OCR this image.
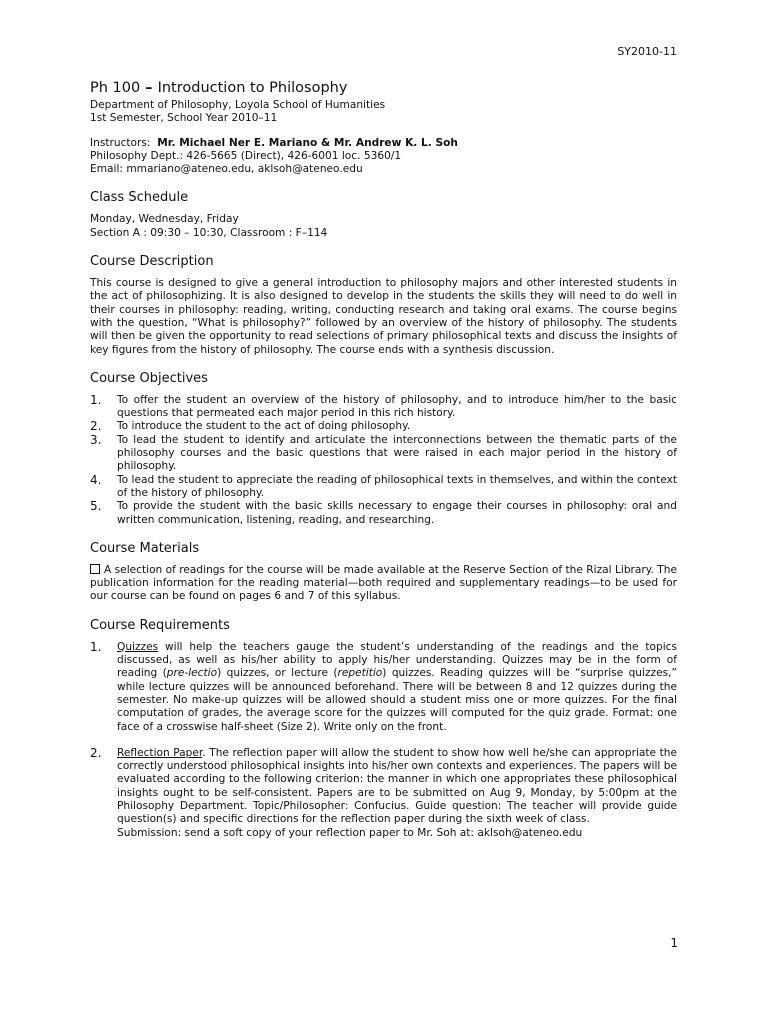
SY2010-11
Ph 100 – Introduction to Philosophy

Department of Philosophy, Loyola School of Humanities

1st Semester, School Year 2010–11

Instructors: Mr. Michael Ner E. Mariano & Mr. Andrew K. L. Soh

Philosophy Dept.: 426-5665 (Direct), 426-6001 loc. 5360/1

Email: mmariano@ateneo.edu, aklsoh@ateneo.edu

Class Schedule

Monday, Wednesday, Friday

Section A : 09:30 – 10:30, Classroom : F–114

Course Description

This course is designed to give a general introduction to philosophy majors and other interested students in the act of philosophizing. It is also designed to develop in the students the skills they will need to do well in their courses in philosophy: reading, writing, conducting research and taking oral exams. The course begins with the question, “What is philosophy?” followed by an overview of the history of philosophy. The students will then be given the opportunity to read selections of primary philosophical texts and discuss the insights of key figures from the history of philosophy. The course ends with a synthesis discussion.

Course Objectives
1. To offer the student an overview of the history of philosophy, and to introduce him/her to the basic questions that permeated each major period in this rich history.
2. To introduce the student to the act of doing philosophy.
3. To lead the student to identify and articulate the interconnections between the thematic parts of the philosophy courses and the basic questions that were raised in each major period in the history of philosophy.
4. To lead the student to appreciate the reading of philosophical texts in themselves, and within the context of the history of philosophy.
5. To provide the student with the basic skills necessary to engage their courses in philosophy: oral and written communication, listening, reading, and researching.
Course Materials

A selection of readings for the course will be made available at the Reserve Section of the Rizal Library. The publication information for the reading material—both required and supplementary readings—to be used for our course can be found on pages 6 and 7 of this syllabus.

Course Requirements
1. Quizzes will help the teachers gauge the student’s understanding of the readings and the topics discussed, as well as his/her ability to apply his/her understanding. Quizzes may be in the form of reading (pre-lectio) quizzes, or lecture (repetitio) quizzes. Reading quizzes will be “surprise quizzes,” while lecture quizzes will be announced beforehand. There will be between 8 and 12 quizzes during the semester. No make-up quizzes will be allowed should a student miss one or more quizzes. For the final computation of grades, the average score for the quizzes will computed for the quiz grade. Format: one face of a crosswise half-sheet (Size 2). Write only on the front.
2. Reflection Paper. The reflection paper will allow the student to show how well he/she can appropriate the correctly understood philosophical insights into his/her own contexts and experiences. The papers will be evaluated according to the following criterion: the manner in which one appropriates these philosophical insights ought to be self-consistent. Papers are to be submitted on Aug 9, Monday, by 5:00pm at the Philosophy Department. Topic/Philosopher: Confucius. Guide question: The teacher will provide guide question(s) and specific directions for the reflection paper during the sixth week of class.
Submission: send a soft copy of your reflection paper to Mr. Soh at: aklsoh@ateneo.edu
1
